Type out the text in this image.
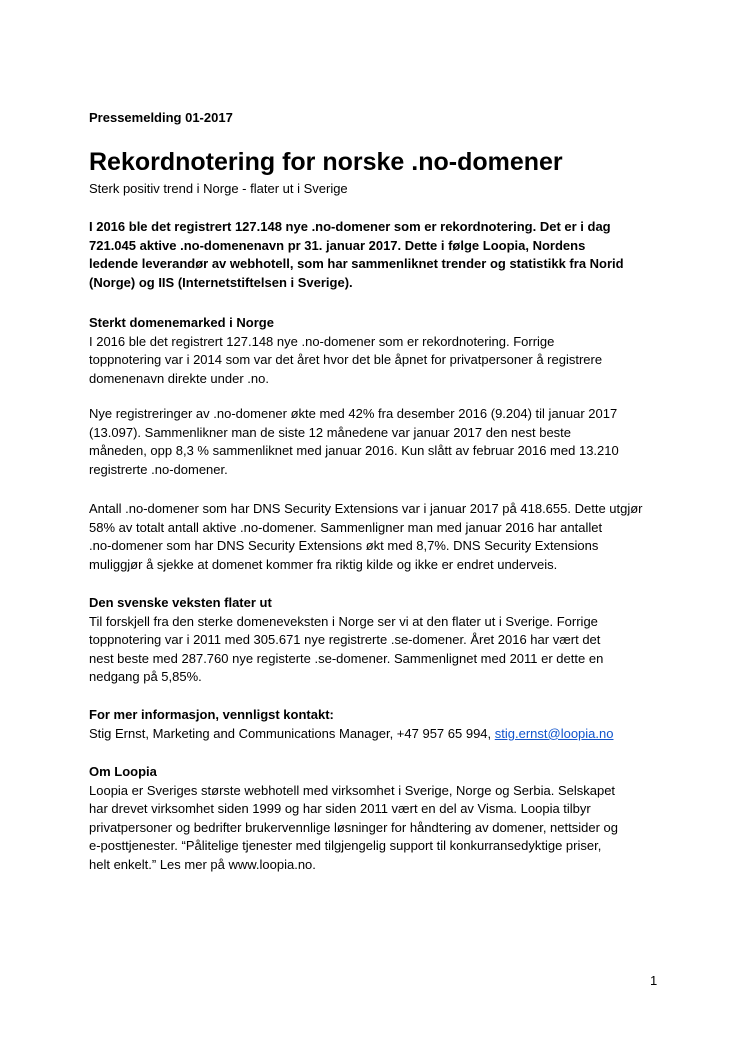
Pressemelding 01-2017
Rekordnotering for norske .no-domener
Sterk positiv trend i Norge - flater ut i Sverige
I 2016 ble det registrert 127.148 nye .no-domener som er rekordnotering. Det er i dag
721.045 aktive .no-domenenavn pr 31. januar 2017. Dette i følge Loopia, Nordens
ledende leverandør av webhotell, som har sammenliknet trender og statistikk fra Norid
(Norge) og IIS (Internetstiftelsen i Sverige).
Sterkt domenemarked i Norge
I 2016 ble det registrert 127.148 nye .no-domener som er rekordnotering. Forrige
toppnotering var i 2014 som var det året hvor det ble åpnet for privatpersoner å registrere
domenenavn direkte under .no.
Nye registreringer av .no-domener økte med 42% fra desember 2016 (9.204) til januar 2017
(13.097). Sammenlikner man de siste 12 månedene var januar 2017 den nest beste
måneden, opp 8,3 % sammenliknet med januar 2016. Kun slått av februar 2016 med 13.210
registrerte .no-domener.
Antall .no-domener som har DNS Security Extensions var i januar 2017 på 418.655. Dette utgjør
58% av totalt antall aktive .no-domener. Sammenligner man med januar 2016 har antallet
.no-domener som har DNS Security Extensions økt med 8,7%. DNS Security Extensions
muliggjør å sjekke at domenet kommer fra riktig kilde og ikke er endret underveis.
Den svenske veksten flater ut
Til forskjell fra den sterke domeneveksten i Norge ser vi at den flater ut i Sverige. Forrige
toppnotering var i 2011 med 305.671 nye registrerte .se-domener. Året 2016 har vært det
nest beste med 287.760 nye registerte .se-domener. Sammenlignet med 2011 er dette en
nedgang på 5,85%.
For mer informasjon, vennligst kontakt:
Stig Ernst, Marketing and Communications Manager, +47 957 65 994, stig.ernst@loopia.no
Om Loopia
Loopia er Sveriges største webhotell med virksomhet i Sverige, Norge og Serbia. Selskapet
har drevet virksomhet siden 1999 og har siden 2011 vært en del av Visma. Loopia tilbyr
privatpersoner og bedrifter brukervennlige løsninger for håndtering av domener, nettsider og
e-posttjenester. “Pålitelige tjenester med tilgjengelig support til konkurransedyktige priser,
helt enkelt.” Les mer på www.loopia.no.
1
